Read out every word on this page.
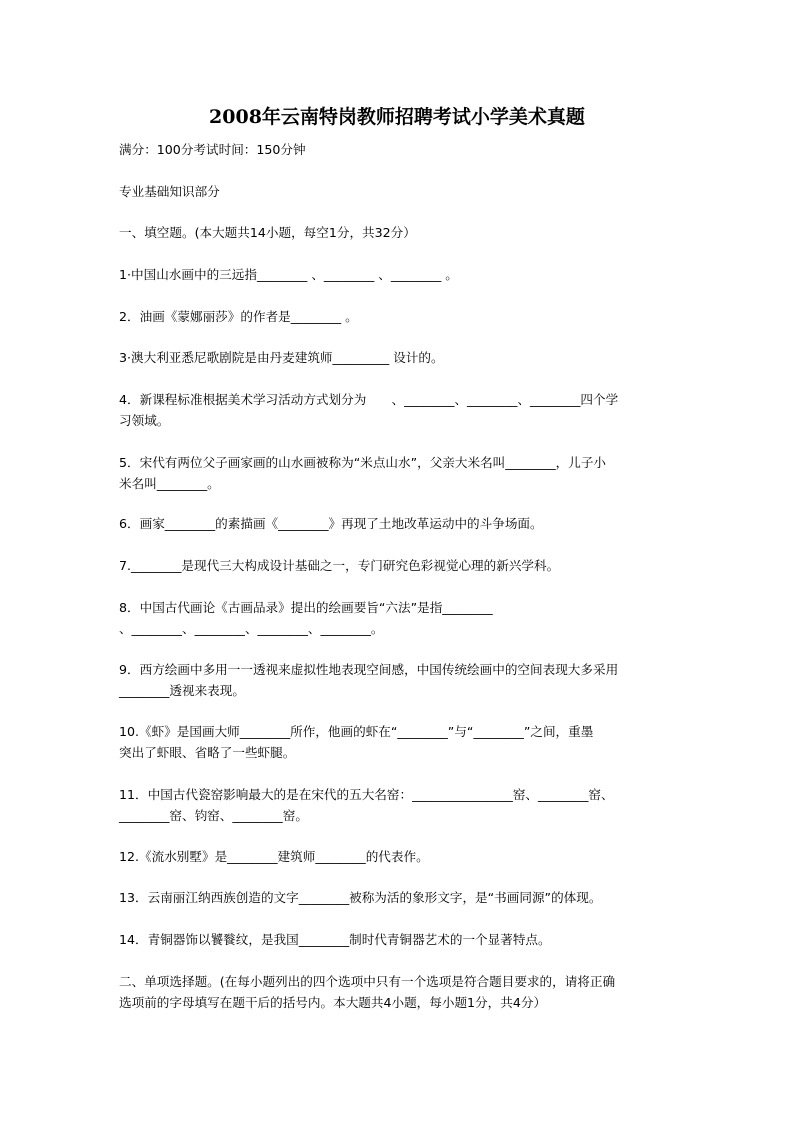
2008年云南特岗教师招聘考试小学美术真题

满分：100分考试时间：150分钟

专业基础知识部分

一、填空题。(本大题共14小题，每空1分，共32分）

1·中国山水画中的三远指________ 、________ 、________ 。

2．油画《蒙娜丽莎》的作者是________ 。

3·澳大利亚悉尼歌剧院是由丹麦建筑师_________ 设计的。

4．新课程标准根据美术学习活动方式划分为　　、________、________、________四个学
习领域。

5．宋代有两位父子画家画的山水画被称为“米点山水”，父亲大米名叫________，儿子小
米名叫________。

6．画家________的素描画《________》再现了土地改革运动中的斗争场面。

7.________是现代三大构成设计基础之一，专门研究色彩视觉心理的新兴学科。

8．中国古代画论《古画品录》提出的绘画要旨“六法”是指________
、________、________、________、________。

9．西方绘画中多用一一透视来虚拟性地表现空间感，中国传统绘画中的空间表现大多采用
________透视来表现。

10.《虾》是国画大师________所作，他画的虾在“________”与“________”之间，重墨
突出了虾眼、省略了一些虾腿。

11．中国古代瓷窑影响最大的是在宋代的五大名窑：________________窑、________窑、
________窑、钧窑、________窑。

12.《流水别墅》是________建筑师________的代表作。

13．云南丽江纳西族创造的文字________被称为活的象形文字，是“书画同源”的体现。

14．青铜器饰以饕餮纹，是我国________制时代青铜器艺术的一个显著特点。

二、单项选择题。(在每小题列出的四个选项中只有一个选项是符合题目要求的，请将正确
选项前的字母填写在题干后的括号内。本大题共4小题，每小题1分，共4分）
